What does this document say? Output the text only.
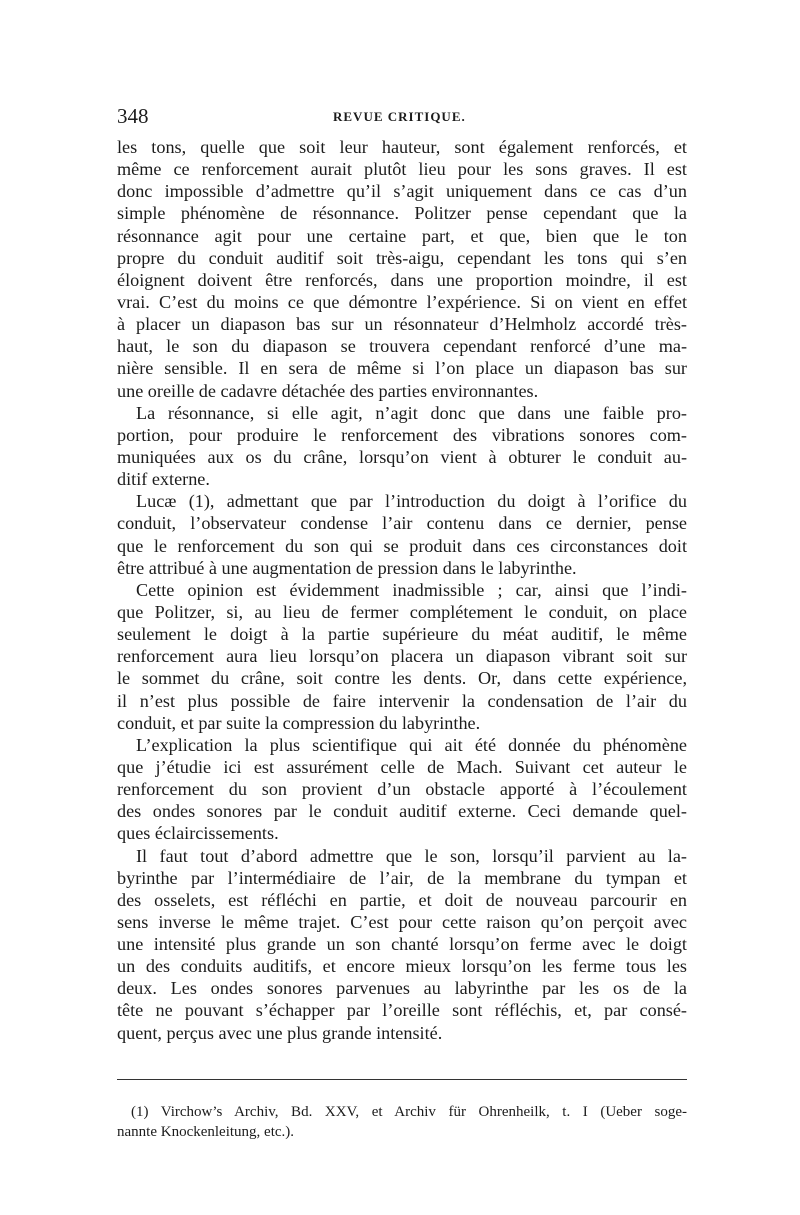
348	REVUE CRITIQUE.
les tons, quelle que soit leur hauteur, sont également renforcés, et
même ce renforcement aurait plutôt lieu pour les sons graves. Il est
donc impossible d’admettre qu’il s’agit uniquement dans ce cas d’un
simple phénomène de résonnance. Politzer pense cependant que la
résonnance agit pour une certaine part, et que, bien que le ton
propre du conduit auditif soit très-aigu, cependant les tons qui s’en
éloignent doivent être renforcés, dans une proportion moindre, il est
vrai. C’est du moins ce que démontre l’expérience. Si on vient en effet
à placer un diapason bas sur un résonnateur d’Helmholz accordé très-
haut, le son du diapason se trouvera cependant renforcé d’une ma-
nière sensible. Il en sera de même si l’on place un diapason bas sur
une oreille de cadavre détachée des parties environnantes.
La résonnance, si elle agit, n’agit donc que dans une faible pro-
portion, pour produire le renforcement des vibrations sonores com-
muniquées aux os du crâne, lorsqu’on vient à obturer le conduit au-
ditif externe.
Lucæ (1), admettant que par l’introduction du doigt à l’orifice du
conduit, l’observateur condense l’air contenu dans ce dernier, pense
que le renforcement du son qui se produit dans ces circonstances doit
être attribué à une augmentation de pression dans le labyrinthe.
Cette opinion est évidemment inadmissible ; car, ainsi que l’indi-
que Politzer, si, au lieu de fermer complétement le conduit, on place
seulement le doigt à la partie supérieure du méat auditif, le même
renforcement aura lieu lorsqu’on placera un diapason vibrant soit sur
le sommet du crâne, soit contre les dents. Or, dans cette expérience,
il n’est plus possible de faire intervenir la condensation de l’air du
conduit, et par suite la compression du labyrinthe.
L’explication la plus scientifique qui ait été donnée du phénomène
que j’étudie ici est assurément celle de Mach. Suivant cet auteur le
renforcement du son provient d’un obstacle apporté à l’écoulement
des ondes sonores par le conduit auditif externe. Ceci demande quel-
ques éclaircissements.
Il faut tout d’abord admettre que le son, lorsqu’il parvient au la-
byrinthe par l’intermédiaire de l’air, de la membrane du tympan et
des osselets, est réfléchi en partie, et doit de nouveau parcourir en
sens inverse le même trajet. C’est pour cette raison qu’on perçoit avec
une intensité plus grande un son chanté lorsqu’on ferme avec le doigt
un des conduits auditifs, et encore mieux lorsqu’on les ferme tous les
deux. Les ondes sonores parvenues au labyrinthe par les os de la
tête ne pouvant s’échapper par l’oreille sont réfléchis, et, par consé-
quent, perçus avec une plus grande intensité.
(1) Virchow’s Archiv, Bd. XXV, et Archiv für Ohrenheilk, t. I (Ueber soge-
nannte Knockenleitung, etc.).
